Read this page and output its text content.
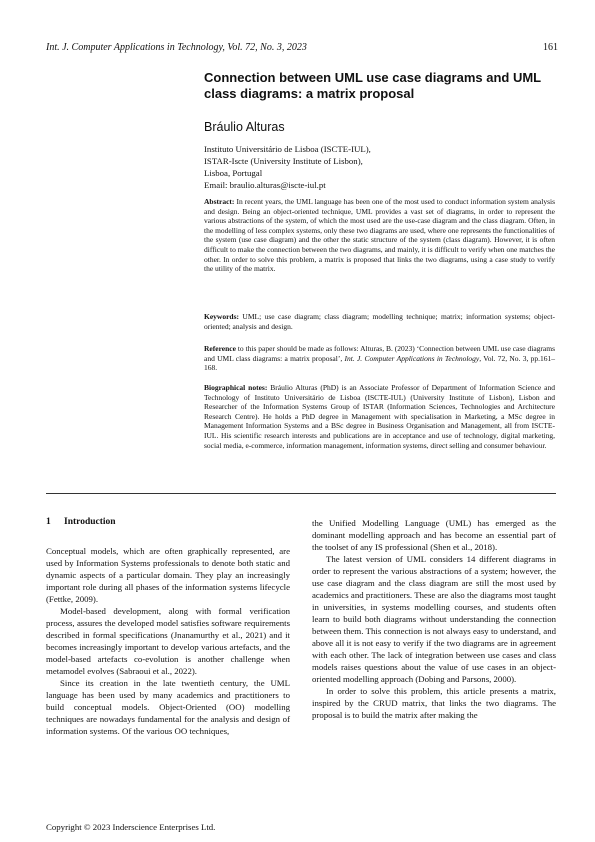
Int. J. Computer Applications in Technology, Vol. 72, No. 3, 2023	161
Connection between UML use case diagrams and UML class diagrams: a matrix proposal
Bráulio Alturas
Instituto Universitário de Lisboa (ISCTE-IUL),
ISTAR-Iscte (University Institute of Lisbon),
Lisboa, Portugal
Email: braulio.alturas@iscte-iul.pt
Abstract: In recent years, the UML language has been one of the most used to conduct information system analysis and design. Being an object-oriented technique, UML provides a vast set of diagrams, in order to represent the various abstractions of the system, of which the most used are the use-case diagram and the class diagram. Often, in the modelling of less complex systems, only these two diagrams are used, where one represents the functionalities of the system (use case diagram) and the other the static structure of the system (class diagram). However, it is often difficult to make the connection between the two diagrams, and mainly, it is difficult to verify when one matches the other. In order to solve this problem, a matrix is proposed that links the two diagrams, using a case study to verify the utility of the matrix.
Keywords: UML; use case diagram; class diagram; modelling technique; matrix; information systems; object-oriented; analysis and design.
Reference to this paper should be made as follows: Alturas, B. (2023) ‘Connection between UML use case diagrams and UML class diagrams: a matrix proposal’, Int. J. Computer Applications in Technology, Vol. 72, No. 3, pp.161–168.
Biographical notes: Bráulio Alturas (PhD) is an Associate Professor of Department of Information Science and Technology of Instituto Universitário de Lisboa (ISCTE-IUL) (University Institute of Lisbon), Lisbon and Researcher of the Information Systems Group of ISTAR (Information Sciences, Technologies and Architecture Research Centre). He holds a PhD degree in Management with specialisation in Marketing, a MSc degree in Management Information Systems and a BSc degree in Business Organisation and Management, all from ISCTE-IUL. His scientific research interests and publications are in acceptance and use of technology, digital marketing, social media, e-commerce, information management, information systems, direct selling and consumer behaviour.
1 Introduction

Conceptual models, which are often graphically represented, are used by Information Systems professionals to denote both static and dynamic aspects of a particular domain. They play an increasingly important role during all phases of the information systems lifecycle (Fettke, 2009).

Model-based development, along with formal verification process, assures the developed model satisfies software requirements described in formal specifications (Jnanamurthy et al., 2021) and it becomes increasingly important to develop various artefacts, and the model-based artefacts co-evolution is another challenge when metamodel evolves (Sabraoui et al., 2022).

Since its creation in the late twentieth century, the UML language has been used by many academics and practitioners to build conceptual models. Object-Oriented (OO) modelling techniques are nowadays fundamental for the analysis and design of information systems. Of the various OO techniques,

the Unified Modelling Language (UML) has emerged as the dominant modelling approach and has become an essential part of the toolset of any IS professional (Shen et al., 2018).

The latest version of UML considers 14 different diagrams in order to represent the various abstractions of a system; however, the use case diagram and the class diagram are still the most used by academics and practitioners. These are also the diagrams most taught in universities, in systems modelling courses, and students often learn to build both diagrams without understanding the connection between them. This connection is not always easy to understand, and above all it is not easy to verify if the two diagrams are in agreement with each other. The lack of integration between use cases and class models raises questions about the value of use cases in an object-oriented modelling approach (Dobing and Parsons, 2000).

In order to solve this problem, this article presents a matrix, inspired by the CRUD matrix, that links the two diagrams. The proposal is to build the matrix after making the

Copyright © 2023 Inderscience Enterprises Ltd.
